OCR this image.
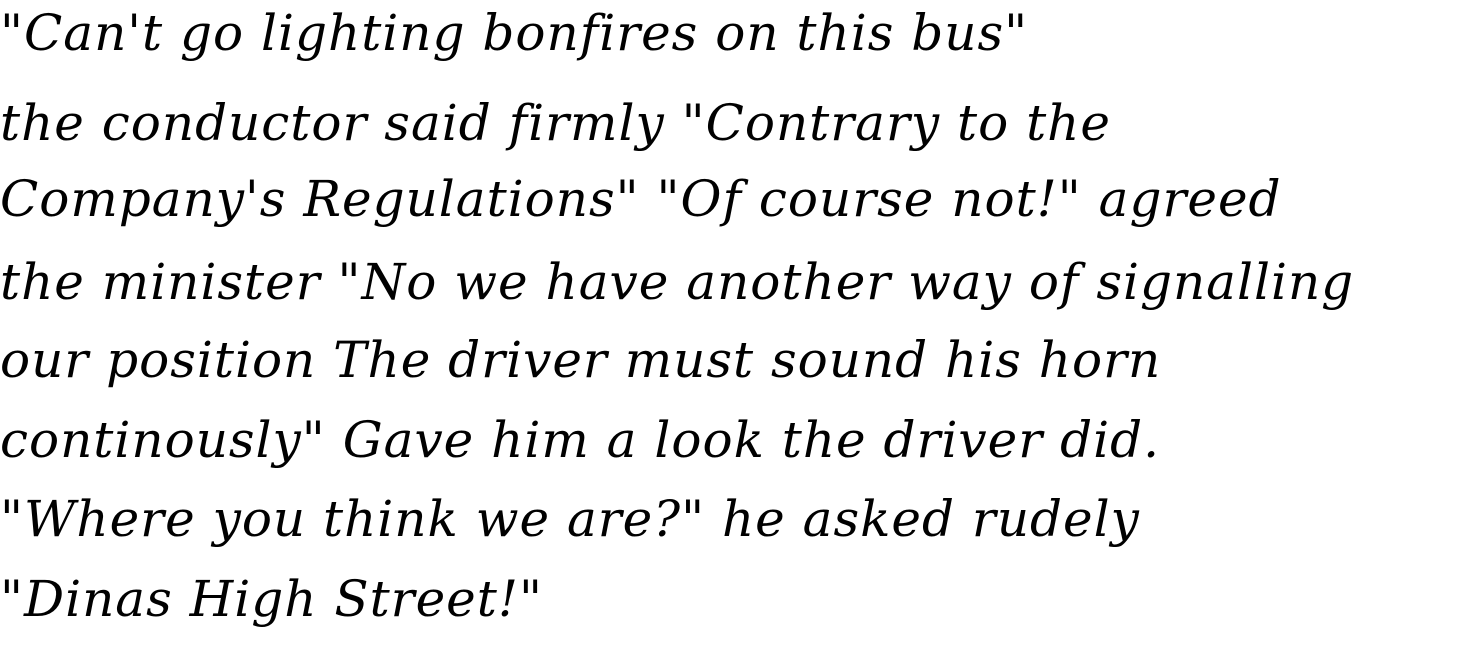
"Can't go lighting bonfires on this bus"

the conductor said firmly "Contrary to the

Company's Regulations" "Of course not!" agreed

the minister "No we have another way of signalling

our position The driver must sound his horn

continously" Gave him a look the driver did.

"Where you think we are?" he asked rudely

"Dinas High Street!"
